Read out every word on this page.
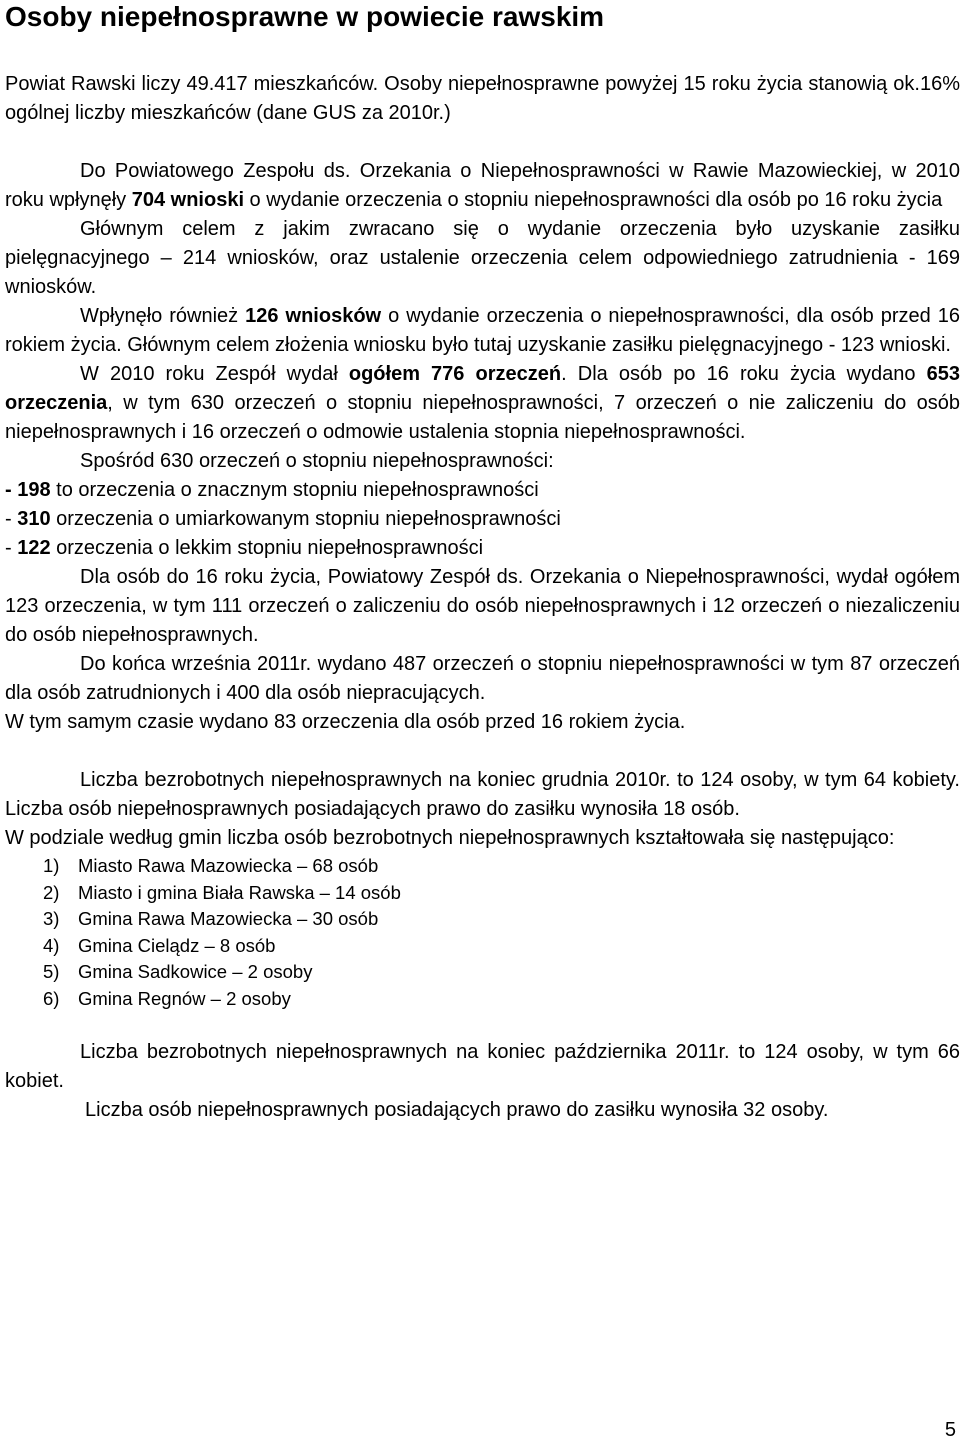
Osoby niepełnosprawne w powiecie rawskim

Powiat Rawski liczy 49.417 mieszkańców. Osoby niepełnosprawne powyżej 15 roku życia stanowią ok.16% ogólnej liczby mieszkańców (dane GUS za 2010r.)

Do Powiatowego Zespołu ds. Orzekania o Niepełnosprawności w Rawie Mazowieckiej, w 2010 roku wpłynęły 704 wnioski o wydanie orzeczenia o stopniu niepełnosprawności dla osób po 16 roku życia

Głównym celem z jakim zwracano się o wydanie orzeczenia było uzyskanie zasiłku pielęgnacyjnego – 214 wniosków, oraz ustalenie orzeczenia celem odpowiedniego zatrudnienia - 169 wniosków.

Wpłynęło również 126 wniosków o wydanie orzeczenia o niepełnosprawności, dla osób przed 16 rokiem życia. Głównym celem złożenia wniosku było tutaj uzyskanie zasiłku pielęgnacyjnego - 123 wnioski.

W 2010 roku Zespół wydał ogółem 776 orzeczeń. Dla osób po 16 roku życia wydano 653 orzeczenia, w tym 630 orzeczeń o stopniu niepełnosprawności, 7 orzeczeń o nie zaliczeniu do osób niepełnosprawnych i 16 orzeczeń o odmowie ustalenia stopnia niepełnosprawności.

Spośród 630 orzeczeń o stopniu niepełnosprawności:

- 198 to orzeczenia o znacznym stopniu niepełnosprawności

- 310 orzeczenia o umiarkowanym stopniu niepełnosprawności

- 122 orzeczenia o lekkim stopniu niepełnosprawności

Dla osób do 16 roku życia, Powiatowy Zespół ds. Orzekania o Niepełnosprawności, wydał ogółem 123 orzeczenia, w tym 111 orzeczeń o zaliczeniu do osób niepełnosprawnych i 12 orzeczeń o niezaliczeniu do osób niepełnosprawnych.

Do końca września 2011r. wydano 487 orzeczeń o stopniu niepełnosprawności w tym 87 orzeczeń dla osób zatrudnionych i 400 dla osób niepracujących.

W tym samym czasie wydano 83 orzeczenia dla osób przed 16 rokiem życia.

Liczba bezrobotnych niepełnosprawnych na koniec grudnia 2010r. to 124 osoby, w tym 64 kobiety. Liczba osób niepełnosprawnych posiadających prawo do zasiłku wynosiła 18 osób.

W podziale według gmin liczba osób bezrobotnych niepełnosprawnych kształtowała się następująco:

1)	Miasto Rawa Mazowiecka – 68 osób
2)	Miasto i gmina Biała Rawska – 14 osób
3)	Gmina Rawa Mazowiecka – 30 osób
4)	Gmina Cielądz – 8 osób
5)	Gmina Sadkowice – 2 osoby
6)	Gmina Regnów – 2 osoby

Liczba bezrobotnych niepełnosprawnych na koniec października 2011r. to 124 osoby, w tym 66 kobiet.

Liczba osób niepełnosprawnych posiadających prawo do zasiłku wynosiła 32 osoby.

5
